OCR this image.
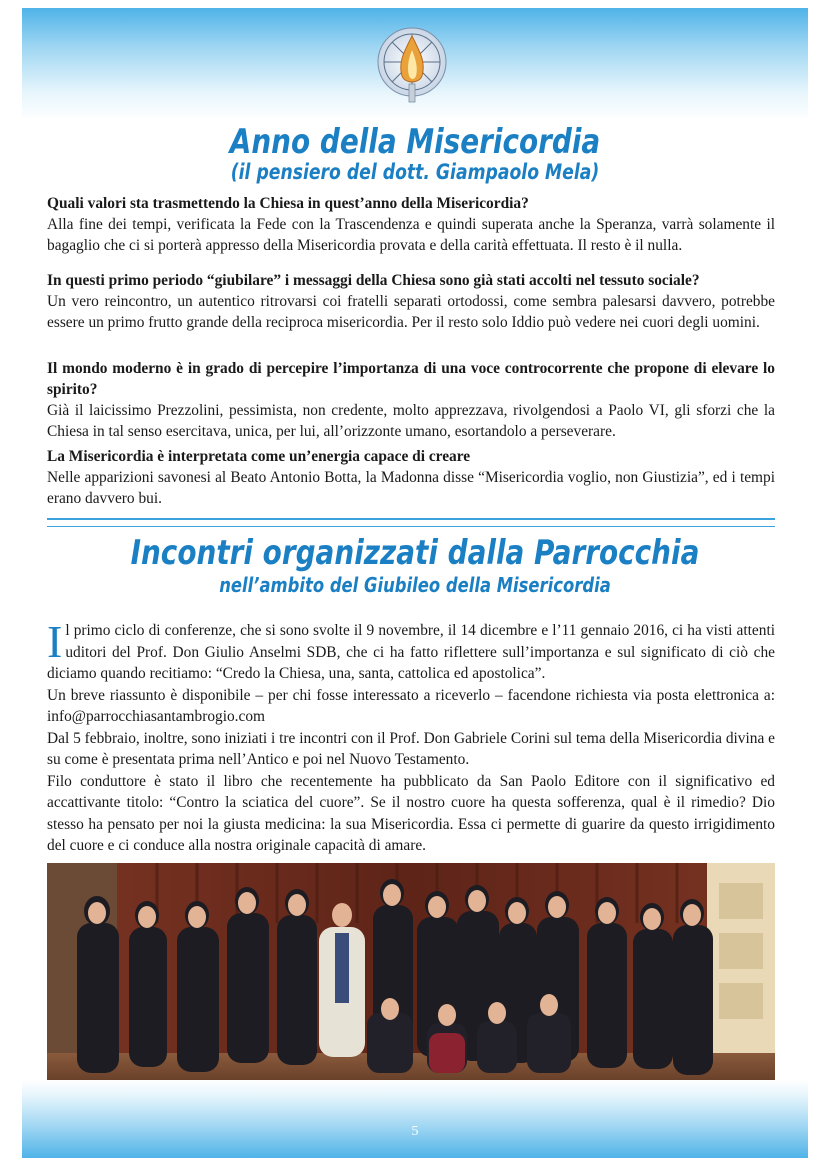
Anno della Misericordia
(il pensiero del dott. Giampaolo Mela)
Quali valori sta trasmettendo la Chiesa in quest’anno della Misericordia?
Alla fine dei tempi, verificata la Fede con la Trascendenza e quindi superata anche la Speranza, varrà solamente il bagaglio che ci si porterà appresso della Misericordia provata e della carità effettuata. Il resto è il nulla.
In questi primo periodo “giubilare” i messaggi della Chiesa sono già stati accolti nel tessuto sociale?
Un vero reincontro, un autentico ritrovarsi coi fratelli separati ortodossi, come sembra palesarsi davvero, potrebbe essere un primo frutto grande della reciproca misericordia. Per il resto solo Iddio può vedere nei cuori degli uomini.
Il mondo moderno è in grado di percepire l’importanza di una voce controcorrente che propone di elevare lo spirito?
Già il laicissimo Prezzolini, pessimista, non credente, molto apprezzava, rivolgendosi a Paolo VI, gli sforzi che la Chiesa in tal senso esercitava, unica, per lui, all’orizzonte umano, esortandolo a perseverare.
La Misericordia è interpretata come un’energia capace di creare
Nelle apparizioni savonesi al Beato Antonio Botta, la Madonna disse “Misericordia voglio, non Giustizia”, ed i tempi erano davvero bui.
Incontri organizzati dalla Parrocchia
nell’ambito del Giubileo della Misericordia
I l primo ciclo di conferenze, che si sono svolte il 9 novembre, il 14 dicembre e l’11 gennaio 2016, ci ha visti attenti uditori del Prof. Don Giulio Anselmi SDB, che ci ha fatto riflettere sull’importanza e sul significato di ciò che diciamo quando recitiamo: “Credo la Chiesa, una, santa, cattolica ed apostolica”.

Un breve riassunto è disponibile – per chi fosse interessato a riceverlo – facendone richiesta via posta elettronica a: info@parrocchiasantambrogio.com

Dal 5 febbraio, inoltre, sono iniziati i tre incontri con il Prof. Don Gabriele Corini sul tema della Misericordia divina e su come è presentata prima nell’Antico e poi nel Nuovo Testamento.

Filo conduttore è stato il libro che recentemente ha pubblicato da San Paolo Editore con il significativo ed accattivante titolo: “Contro la sciatica del cuore”. Se il nostro cuore ha questa sofferenza, qual è il rimedio? Dio stesso ha pensato per noi la giusta medicina: la sua Misericordia. Essa ci permette di guarire da questo irrigidimento del cuore e ci conduce alla nostra originale capacità di amare.

5
